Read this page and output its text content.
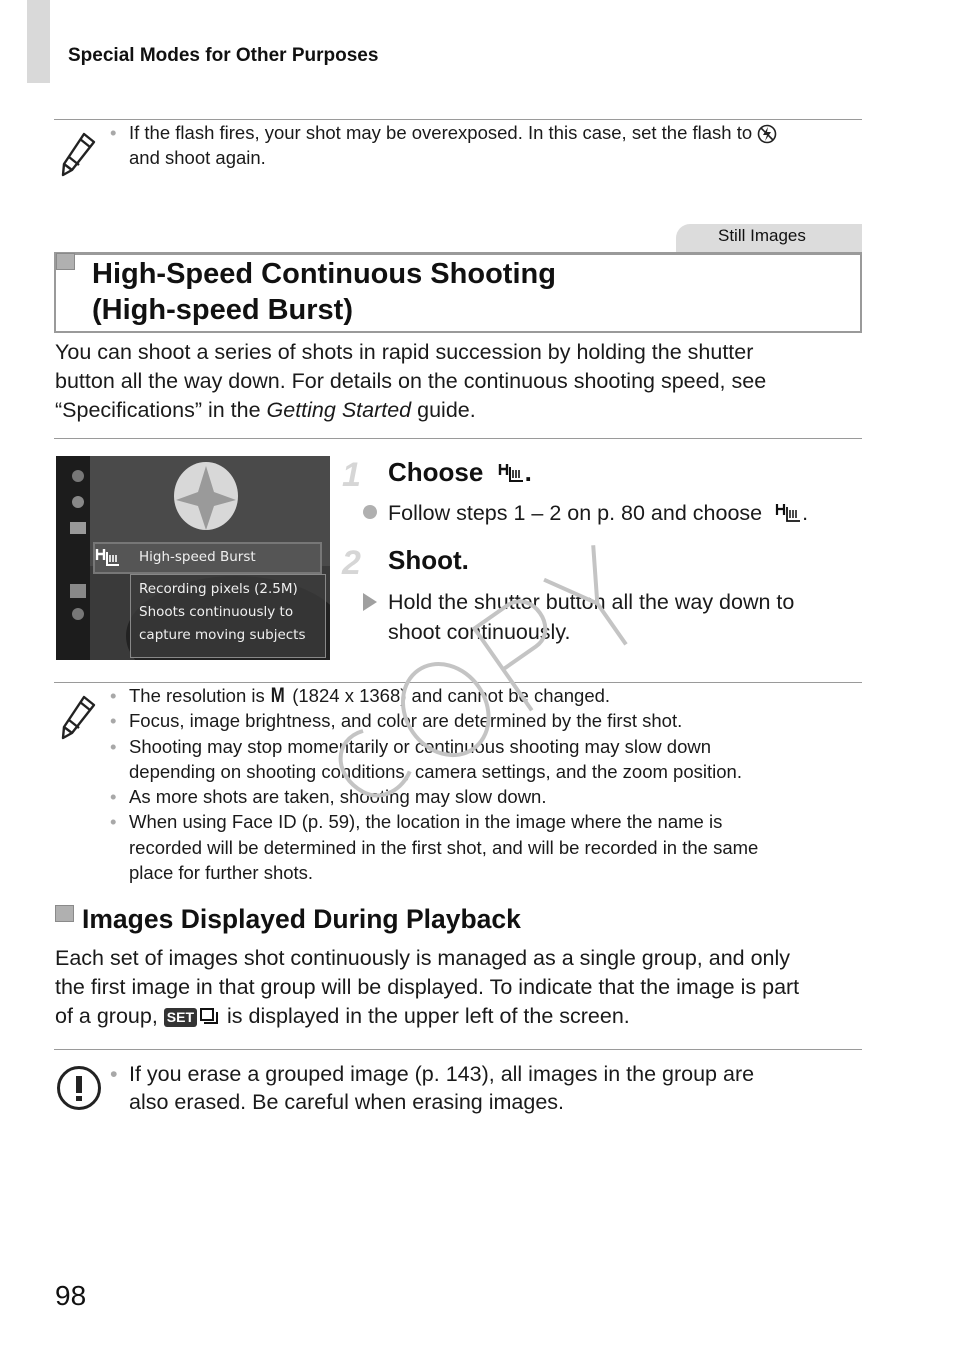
Special Modes for Other Purposes
• If the flash fires, your shot may be overexposed. In this case, set the flash to
and shoot again.
Still Images
High-Speed Continuous Shooting
(High-speed Burst)
You can shoot a series of shots in rapid succession by holding the shutter
button all the way down. For details on the continuous shooting speed, see
“Specifications” in the Getting Started guide.
High-speed Burst
Recording pixels (2.5M)
Shoots continuously to
capture moving subjects
1 Choose .
Follow steps 1 – 2 on p. 80 and choose .
2 Shoot.
Hold the shutter button all the way down to
shoot continuously.
• The resolution is M (1824 x 1368) and cannot be changed.
• Focus, image brightness, and color are determined by the first shot.
• Shooting may stop momentarily or continuous shooting may slow down
depending on shooting conditions, camera settings, and the zoom position.
• As more shots are taken, shooting may slow down.
• When using Face ID (p. 59), the location in the image where the name is
recorded will be determined in the first shot, and will be recorded in the same
place for further shots.
Images Displayed During Playback
Each set of images shot continuously is managed as a single group, and only
the first image in that group will be displayed. To indicate that the image is part
of a group, SET is displayed in the upper left of the screen.
• If you erase a grouped image (p. 143), all images in the group are
also erased. Be careful when erasing images.
98
